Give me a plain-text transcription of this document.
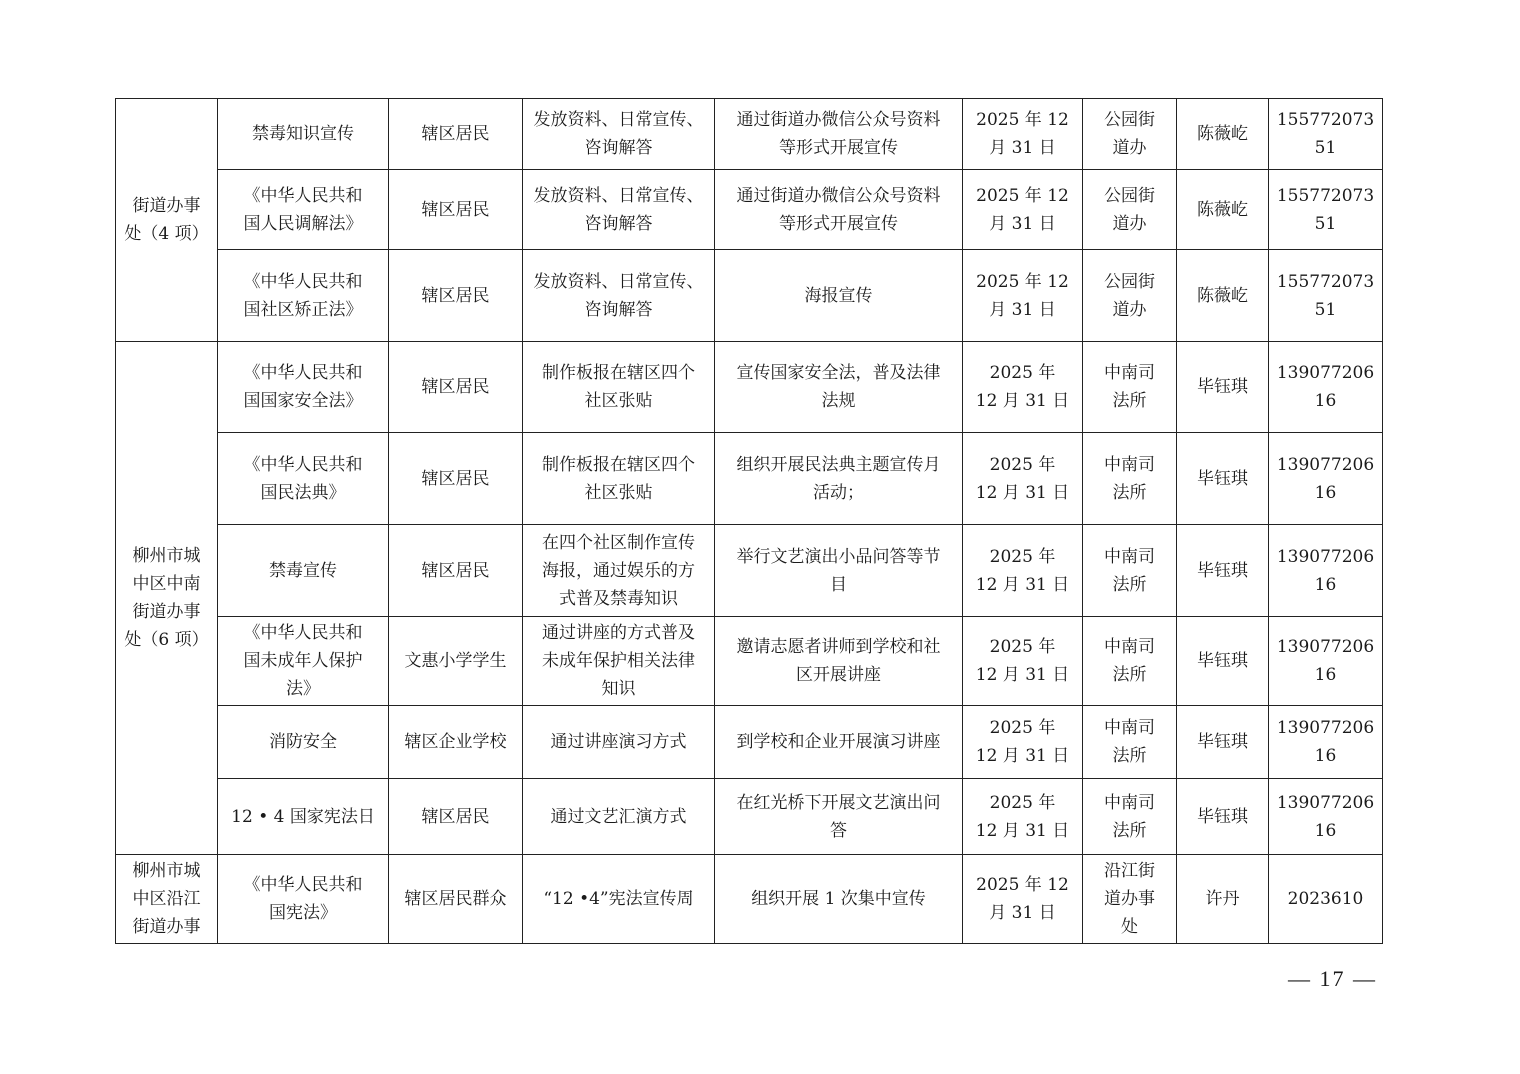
街道办事
处（4 项）	禁毒知识宣传	辖区居民	发放资料、日常宣传、
咨询解答	通过街道办微信公众号资料
等形式开展宣传	2025 年 12
月 31 日	公园街
道办	陈薇屹	155772073
51
	《中华人民共和
国人民调解法》	辖区居民	发放资料、日常宣传、
咨询解答	通过街道办微信公众号资料
等形式开展宣传	2025 年 12
月 31 日	公园街
道办	陈薇屹	155772073
51
	《中华人民共和
国社区矫正法》	辖区居民	发放资料、日常宣传、
咨询解答	海报宣传	2025 年 12
月 31 日	公园街
道办	陈薇屹	155772073
51
柳州市城
中区中南
街道办事
处（6 项）	《中华人民共和
国国家安全法》	辖区居民	制作板报在辖区四个
社区张贴	宣传国家安全法，普及法律
法规	2025 年
12 月 31 日	中南司
法所	毕钰琪	139077206
16
	《中华人民共和
国民法典》	辖区居民	制作板报在辖区四个
社区张贴	组织开展民法典主题宣传月
活动；	2025 年
12 月 31 日	中南司
法所	毕钰琪	139077206
16
	禁毒宣传	辖区居民	在四个社区制作宣传
海报，通过娱乐的方
式普及禁毒知识	举行文艺演出小品问答等节
目	2025 年
12 月 31 日	中南司
法所	毕钰琪	139077206
16
	《中华人民共和
国未成年人保护
法》	文惠小学学生	通过讲座的方式普及
未成年保护相关法律
知识	邀请志愿者讲师到学校和社
区开展讲座	2025 年
12 月 31 日	中南司
法所	毕钰琪	139077206
16
	消防安全	辖区企业学校	通过讲座演习方式	到学校和企业开展演习讲座	2025 年
12 月 31 日	中南司
法所	毕钰琪	139077206
16
	12 • 4 国家宪法日	辖区居民	通过文艺汇演方式	在红光桥下开展文艺演出问
答	2025 年
12 月 31 日	中南司
法所	毕钰琪	139077206
16
柳州市城
中区沿江
街道办事	《中华人民共和
国宪法》	辖区居民群众	“12 •4”宪法宣传周	组织开展 1 次集中宣传	2025 年 12
月 31 日	沿江街
道办事
处	许丹	2023610
— 17 —
